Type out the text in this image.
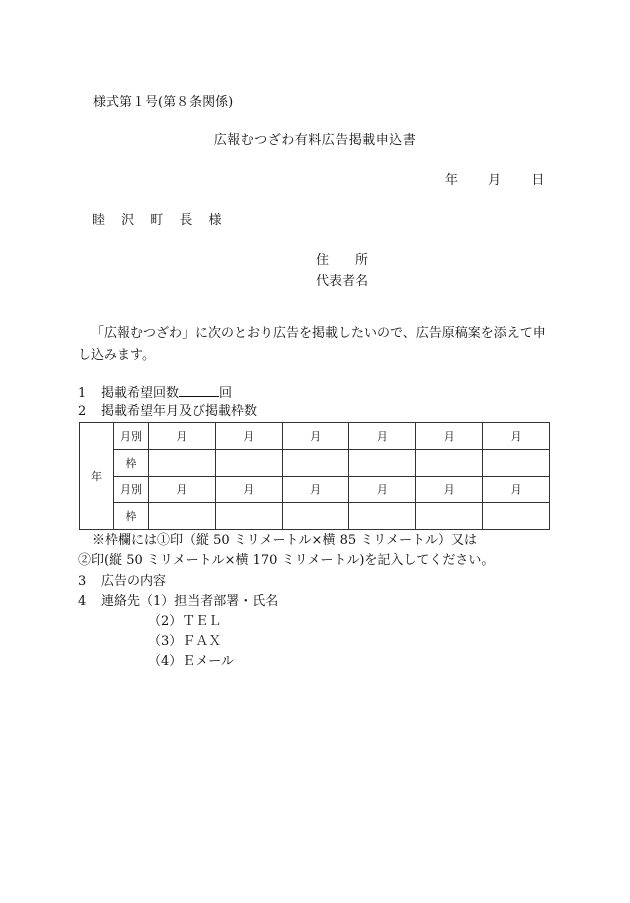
様式第１号(第８条関係)
広報むつざわ有料広告掲載申込書
年 月 日
睦 沢 町 長 様
住　　所
代表者名
「広報むつざわ」に次のとおり広告を掲載したいので、広告原稿案を添えて申し込みます。
1 掲載希望回数	回
2 掲載希望年月及び掲載枠数
年	月別	月	月	月	月	月	月
	枠						
	月別	月	月	月	月	月	月
	枠						
※枠欄には①印（縦 50 ミリメートル×横 85 ミリメートル）又は
②印(縦 50 ミリメートル×横 170 ミリメートル)を記入してください。
3 広告の内容
4 連絡先（1）担当者部署・氏名
（2）ＴＥＬ
（3）ＦＡＸ
（4）Ｅメール
